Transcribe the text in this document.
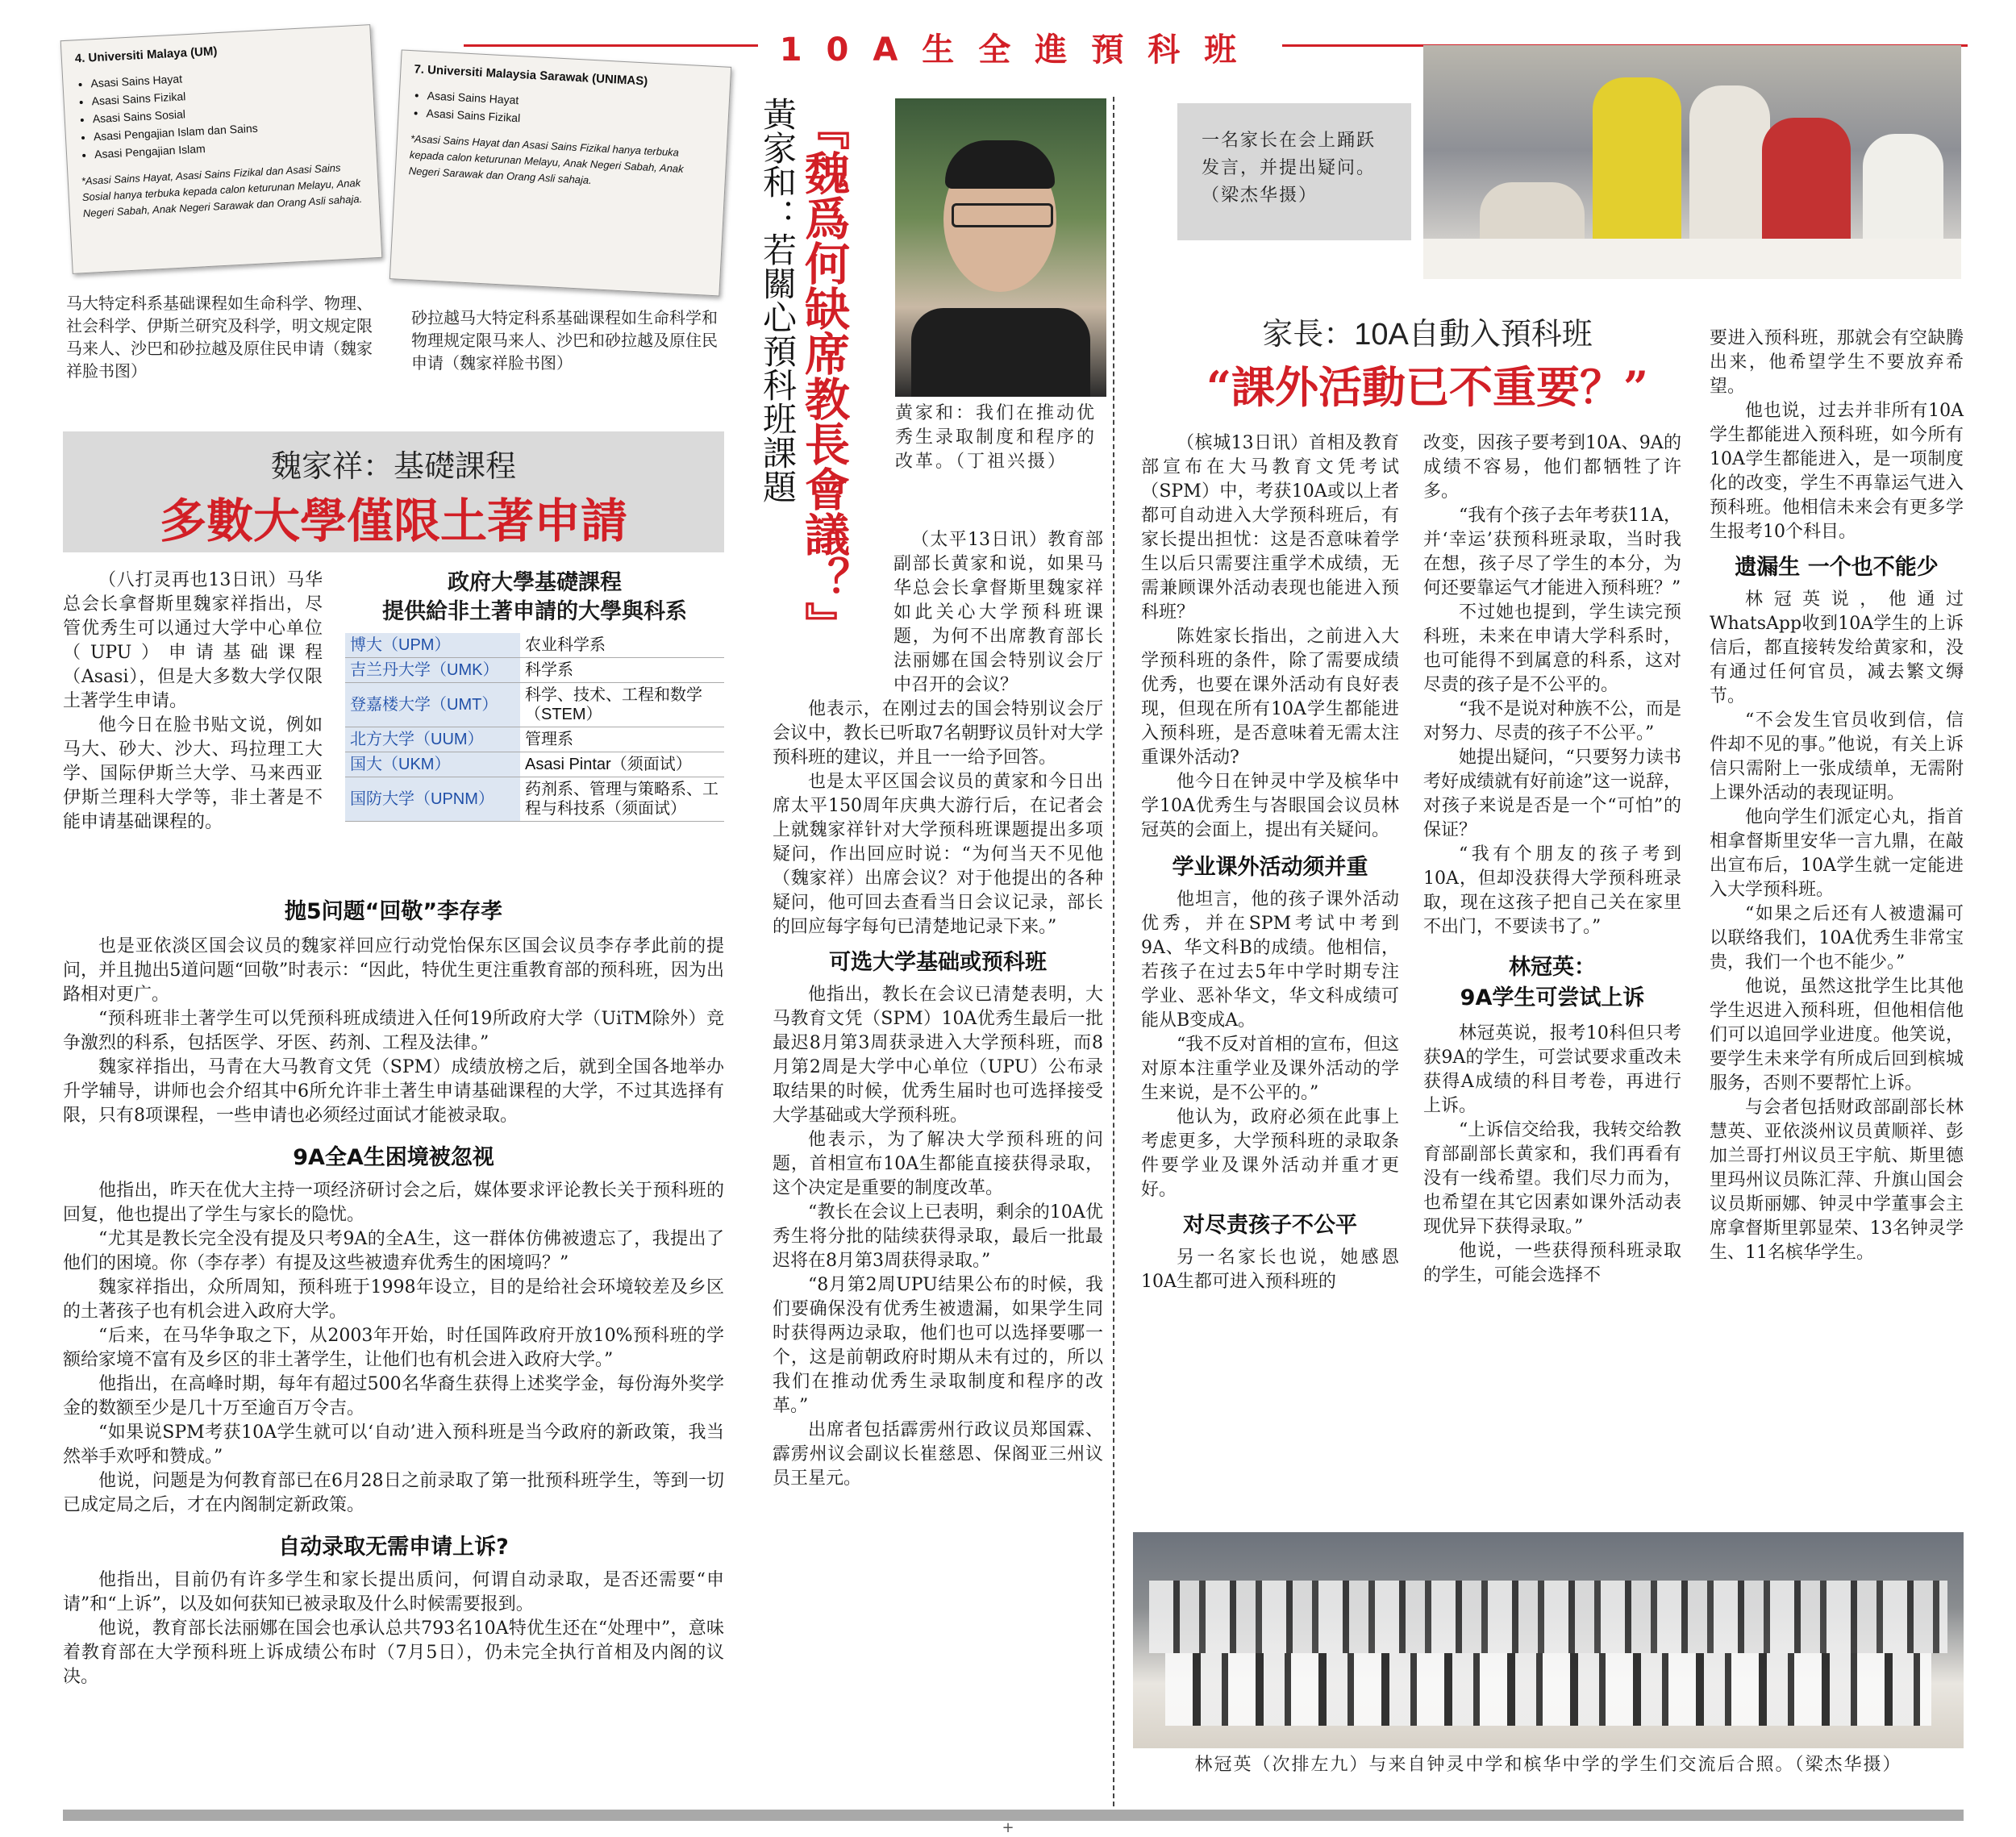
10A生全進預科班
4. Universiti Malaya (UM)
• Asasi Sains Hayat
• Asasi Sains Fizikal
• Asasi Sains Sosial
• Asasi Pengajian Islam dan Sains
• Asasi Pengajian Islam
*Asasi Sains Hayat, Asasi Sains Fizikal dan Asasi Sains Sosial hanya terbuka kepada calon keturunan Melayu, Anak Negeri Sabah, Anak Negeri Sarawak dan Orang Asli sahaja.
7. Universiti Malaysia Sarawak (UNIMAS)
• Asasi Sains Hayat
• Asasi Sains Fizikal
*Asasi Sains Hayat dan Asasi Sains Fizikal hanya terbuka kepada calon keturunan Melayu, Anak Negeri Sabah, Anak Negeri Sarawak dan Orang Asli sahaja.
马大特定科系基础课程如生命科学、物理、社会科学、伊斯兰研究及科学，明文规定限马来人、沙巴和砂拉越及原住民申请（魏家祥脸书图）
砂拉越马大特定科系基础课程如生命科学和物理规定限马来人、沙巴和砂拉越及原住民申请（魏家祥脸书图）
魏家祥：基礎課程
多數大學僅限土著申請

（八打灵再也13日讯）马华总会长拿督斯里魏家祥指出，尽管优秀生可以通过大学中心单位（UPU）申请基础课程（Asasi），但是大多数大学仅限土著学生申请。

他今日在脸书贴文说，例如马大、砂大、沙大、玛拉理工大学、国际伊斯兰大学、马来西亚伊斯兰理科大学等，非土著是不能申请基础课程的。

政府大學基礎課程
提供給非土著申請的大學與科系
博大（UPM）	农业科学系
吉兰丹大学（UMK）	科学系
登嘉楼大学（UMT）	科学、技术、工程和数学（STEM）
北方大学（UUM）	管理系
国大（UKM）	Asasi Pintar（须面试）
国防大学（UPNM）	药剂系、管理与策略系、工程与科技系（须面试）
抛5问题“回敬”李存孝

也是亚依淡区国会议员的魏家祥回应行动党怡保东区国会议员李存孝此前的提问，并且抛出5道问题“回敬”时表示：“因此，特优生更注重教育部的预科班，因为出路相对更广。

“预科班非土著学生可以凭预科班成绩进入任何19所政府大学（UiTM除外）竞争激烈的科系，包括医学、牙医、药剂、工程及法律。”

魏家祥指出，马青在大马教育文凭（SPM）成绩放榜之后，就到全国各地举办升学辅导，讲师也会介绍其中6所允许非土著生申请基础课程的大学，不过其选择有限，只有8项课程，一些申请也必须经过面试才能被录取。

9A全A生困境被忽视

他指出，昨天在优大主持一项经济研讨会之后，媒体要求评论教长关于预科班的回复，他也提出了学生与家长的隐忧。

“尤其是教长完全没有提及只考9A的全A生，这一群体仿佛被遗忘了，我提出了他们的困境。你（李存孝）有提及这些被遗弃优秀生的困境吗？”

魏家祥指出，众所周知，预科班于1998年设立，目的是给社会环境较差及乡区的土著孩子也有机会进入政府大学。

“后来，在马华争取之下，从2003年开始，时任国阵政府开放10%预科班的学额给家境不富有及乡区的非土著学生，让他们也有机会进入政府大学。”

他指出，在高峰时期，每年有超过500名华裔生获得上述奖学金，每份海外奖学金的数额至少是几十万至逾百万令吉。

“如果说SPM考获10A学生就可以‘自动’进入预科班是当今政府的新政策，我当然举手欢呼和赞成。”

他说，问题是为何教育部已在6月28日之前录取了第一批预科班学生，等到一切已成定局之后，才在内阁制定新政策。

自动录取无需申请上诉?

他指出，目前仍有许多学生和家长提出质问，何谓自动录取，是否还需要“申请”和“上诉”，以及如何获知已被录取及什么时候需要报到。

他说，教育部长法丽娜在国会也承认总共793名10A特优生还在“处理中”，意味着教育部在大学预科班上诉成绩公布时（7月5日），仍未完全执行首相及内阁的议决。

黃家和：若關心預科班課題 『魏爲何缺席教長會議？』	黄家和：我们在推动优秀生录取制度和程序的改革。（丁祖兴摄）

（太平13日讯）教育部副部长黄家和说，如果马华总会长拿督斯里魏家祥如此关心大学预科班课题，为何不出席教育部长法丽娜在国会特别议会厅中召开的会议？

他表示，在刚过去的国会特别议会厅会议中，教长已听取7名朝野议员针对大学预科班的建议，并且一一给予回答。

也是太平区国会议员的黄家和今日出席太平150周年庆典大游行后，在记者会上就魏家祥针对大学预科班课题提出多项疑问，作出回应时说：“为何当天不见他（魏家祥）出席会议？对于他提出的各种疑问，他可回去查看当日会议记录，部长的回应每字每句已清楚地记录下来。”

可选大学基础或预科班

他指出，教长在会议已清楚表明，大马教育文凭（SPM）10A优秀生最后一批最迟8月第3周获录进入大学预科班，而8月第2周是大学中心单位（UPU）公布录取结果的时候，优秀生届时也可选择接受大学基础或大学预科班。

他表示，为了解决大学预科班的问题，首相宣布10A生都能直接获得录取，这个决定是重要的制度改革。

“教长在会议上已表明，剩余的10A优秀生将分批的陆续获得录取，最后一批最迟将在8月第3周获得录取。”

“8月第2周UPU结果公布的时候，我们要确保没有优秀生被遗漏，如果学生同时获得两边录取，他们也可以选择要哪一个，这是前朝政府时期从未有过的，所以我们在推动优秀生录取制度和程序的改革。”

出席者包括霹雳州行政议员郑国霖、霹雳州议会副议长崔慈恩、保阁亚三州议员王星元。

一名家长在会上踊跃发言，并提出疑问。（梁杰华摄）
家長：10A自動入預科班
“課外活動已不重要？”

（槟城13日讯）首相及教育部宣布在大马教育文凭考试（SPM）中，考获10A或以上者都可自动进入大学预科班后，有家长提出担忧：这是否意味着学生以后只需要注重学术成绩，无需兼顾课外活动表现也能进入预科班？

陈姓家长指出，之前进入大学预科班的条件，除了需要成绩优秀，也要在课外活动有良好表现，但现在所有10A学生都能进入预科班，是否意味着无需太注重课外活动?

他今日在钟灵中学及槟华中学10A优秀生与峇眼国会议员林冠英的会面上，提出有关疑问。

学业课外活动须并重

他坦言，他的孩子课外活动优秀，并在SPM考试中考到9A、华文科B的成绩。他相信，若孩子在过去5年中学时期专注学业、恶补华文，华文科成绩可能从B变成A。

“我不反对首相的宣布，但这对原本注重学业及课外活动的学生来说，是不公平的。”

他认为，政府必须在此事上考虑更多，大学预科班的录取条件要学业及课外活动并重才更好。

对尽责孩子不公平

另一名家长也说，她感恩10A生都可进入预科班的

改变，因孩子要考到10A、9A的成绩不容易，他们都牺牲了许多。

“我有个孩子去年考获11A，并‘幸运’获预科班录取，当时我在想，孩子尽了学生的本分，为何还要靠运气才能进入预科班？”

不过她也提到，学生读完预科班，未来在申请大学科系时，也可能得不到属意的科系，这对尽责的孩子是不公平的。

“我不是说对种族不公，而是对努力、尽责的孩子不公平。”

她提出疑问，“只要努力读书考好成绩就有好前途”这一说辞，对孩子来说是否是一个“可怕”的保证？

“我有个朋友的孩子考到10A，但却没获得大学预科班录取，现在这孩子把自己关在家里不出门，不要读书了。”

林冠英：
9A学生可尝试上诉

林冠英说，报考10科但只考获9A的学生，可尝试要求重改未获得A成绩的科目考卷，再进行上诉。

“上诉信交给我，我转交给教育部副部长黄家和，我们再看有没有一线希望。我们尽力而为，也希望在其它因素如课外活动表现优异下获得录取。”

他说，一些获得预科班录取的学生，可能会选择不

要进入预科班，那就会有空缺腾出来，他希望学生不要放弃希望。

他也说，过去并非所有10A学生都能进入预科班，如今所有10A学生都能进入，是一项制度化的改变，学生不再靠运气进入预科班。他相信未来会有更多学生报考10个科目。

遗漏生 一个也不能少

林冠英说，他通过WhatsApp收到10A学生的上诉信后，都直接转发给黄家和，没有通过任何官员，减去繁文缛节。

“不会发生官员收到信，信件却不见的事。”他说，有关上诉信只需附上一张成绩单，无需附上课外活动的表现证明。

他向学生们派定心丸，指首相拿督斯里安华一言九鼎，在敲出宣布后，10A学生就一定能进入大学预科班。

“如果之后还有人被遗漏可以联络我们，10A优秀生非常宝贵，我们一个也不能少。”

他说，虽然这批学生比其他学生迟进入预科班，但他相信他们可以追回学业进度。他笑说，要学生未来学有所成后回到槟城服务，否则不要帮忙上诉。

与会者包括财政部副部长林慧英、亚依淡州议员黄顺祥、彭加兰哥打州议员王宇航、斯里德里玛州议员陈汇萍、升旗山国会议员斯丽娜、钟灵中学董事会主席拿督斯里郭显荣、13名钟灵学生、11名槟华学生。

林冠英（次排左九）与来自钟灵中学和槟华中学的学生们交流后合照。（梁杰华摄）
+
